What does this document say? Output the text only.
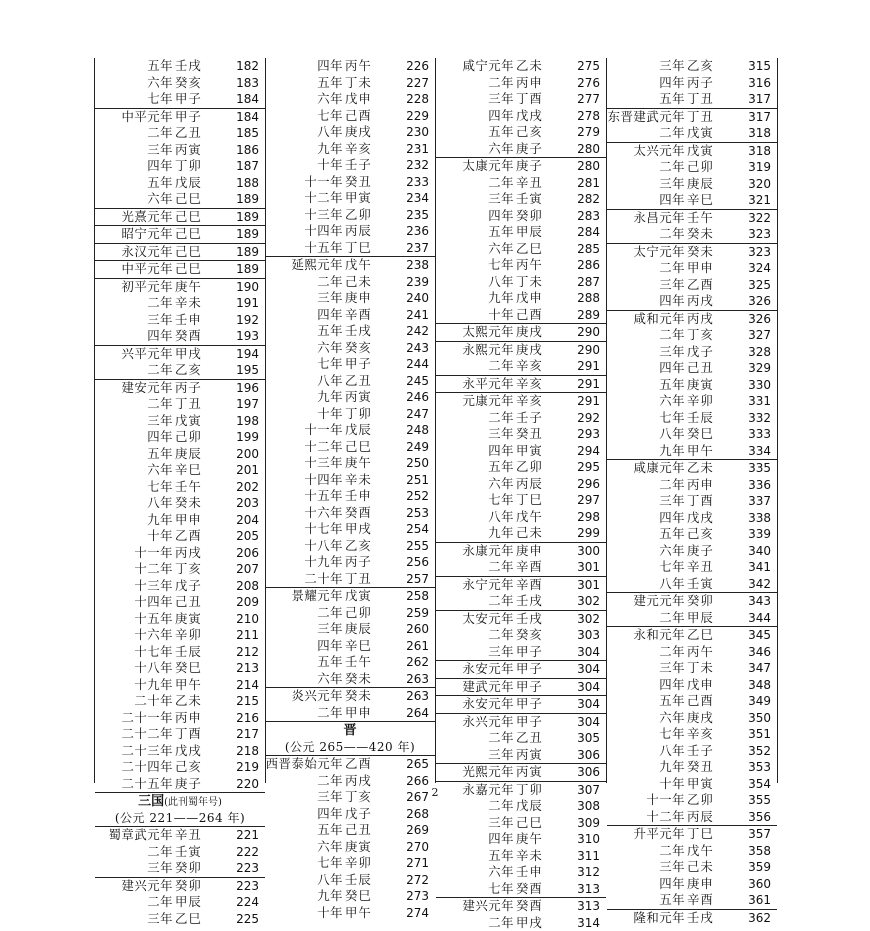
五年 壬戌	182
六年 癸亥	183
七年 甲子	184
中平元年 甲子	184
二年 乙丑	185
三年 丙寅	186
四年 丁卯	187
五年 戊辰	188
六年 己巳	189
光熹元年 己巳	189
昭宁元年 己巳	189
永汉元年 己巳	189
中平元年 己巳	189
初平元年 庚午	190
二年 辛未	191
三年 壬申	192
四年 癸酉	193
兴平元年 甲戌	194
二年 乙亥	195
建安元年 丙子	196
二年 丁丑	197
三年 戊寅	198
四年 己卯	199
五年 庚辰	200
六年 辛巳	201
七年 壬午	202
八年 癸未	203
九年 甲申	204
十年 乙酉	205
十一年 丙戌	206
十二年 丁亥	207
十三年 戊子	208
十四年 己丑	209
十五年 庚寅	210
十六年 辛卯	211
十七年 壬辰	212
十八年 癸巳	213
十九年 甲午	214
二十年 乙未	215
二十一年 丙申	216
二十二年 丁酉	217
二十三年 戊戌	218
二十四年 己亥	219
二十五年 庚子	220
三国(此刊蜀年号)
(公元 221——264 年)
蜀章武元年 辛丑	221
二年 壬寅	222
三年 癸卯	223
建兴元年 癸卯	223
二年 甲辰	224
三年 乙巳	225
四年 丙午	226
五年 丁未	227
六年 戊申	228
七年 己酉	229
八年 庚戌	230
九年 辛亥	231
十年 壬子	232
十一年 癸丑	233
十二年 甲寅	234
十三年 乙卯	235
十四年 丙辰	236
十五年 丁巳	237
延熙元年 戊午	238
二年 己未	239
三年 庚申	240
四年 辛酉	241
五年 壬戌	242
六年 癸亥	243
七年 甲子	244
八年 乙丑	245
九年 丙寅	246
十年 丁卯	247
十一年 戊辰	248
十二年 己巳	249
十三年 庚午	250
十四年 辛未	251
十五年 壬申	252
十六年 癸酉	253
十七年 甲戌	254
十八年 乙亥	255
十九年 丙子	256
二十年 丁丑	257
景耀元年 戊寅	258
二年 己卯	259
三年 庚辰	260
四年 辛巳	261
五年 壬午	262
六年 癸未	263
炎兴元年 癸未	263
二年 甲申	264
晋
(公元 265——420 年)
西晋泰始元年 乙酉	265
二年 丙戌	266
三年 丁亥	267
四年 戊子	268
五年 己丑	269
六年 庚寅	270
七年 辛卯	271
八年 壬辰	272
九年 癸巳	273
十年 甲午	274
咸宁元年 乙未	275
二年 丙申	276
三年 丁酉	277
四年 戊戌	278
五年 己亥	279
六年 庚子	280
太康元年 庚子	280
二年 辛丑	281
三年 壬寅	282
四年 癸卯	283
五年 甲辰	284
六年 乙巳	285
七年 丙午	286
八年 丁未	287
九年 戊申	288
十年 己酉	289
太熙元年 庚戌	290
永熙元年 庚戌	290
二年 辛亥	291
永平元年 辛亥	291
元康元年 辛亥	291
二年 壬子	292
三年 癸丑	293
四年 甲寅	294
五年 乙卯	295
六年 丙辰	296
七年 丁巳	297
八年 戊午	298
九年 己未	299
永康元年 庚申	300
二年 辛酉	301
永宁元年 辛酉	301
二年 壬戌	302
太安元年 壬戌	302
二年 癸亥	303
三年 甲子	304
永安元年 甲子	304
建武元年 甲子	304
永安元年 甲子	304
永兴元年 甲子	304
二年 乙丑	305
三年 丙寅	306
光熙元年 丙寅	306
永嘉元年 丁卯	307
二年 戊辰	308
三年 己巳	309
四年 庚午	310
五年 辛未	311
六年 壬申	312
七年 癸酉	313
建兴元年 癸酉	313
二年 甲戌	314
三年 乙亥	315
四年 丙子	316
五年 丁丑	317
东晋建武元年 丁丑	317
二年 戊寅	318
太兴元年 戊寅	318
二年 己卯	319
三年 庚辰	320
四年 辛巳	321
永昌元年 壬午	322
二年 癸未	323
太宁元年 癸未	323
二年 甲申	324
三年 乙酉	325
四年 丙戌	326
咸和元年 丙戌	326
二年 丁亥	327
三年 戊子	328
四年 己丑	329
五年 庚寅	330
六年 辛卯	331
七年 壬辰	332
八年 癸巳	333
九年 甲午	334
咸康元年 乙未	335
二年 丙申	336
三年 丁酉	337
四年 戊戌	338
五年 己亥	339
六年 庚子	340
七年 辛丑	341
八年 壬寅	342
建元元年 癸卯	343
二年 甲辰	344
永和元年 乙巳	345
二年 丙午	346
三年 丁未	347
四年 戊申	348
五年 己酉	349
六年 庚戌	350
七年 辛亥	351
八年 壬子	352
九年 癸丑	353
十年 甲寅	354
十一年 乙卯	355
十二年 丙辰	356
升平元年 丁巳	357
二年 戊午	358
三年 己未	359
四年 庚申	360
五年 辛酉	361
隆和元年 壬戌	362
2
